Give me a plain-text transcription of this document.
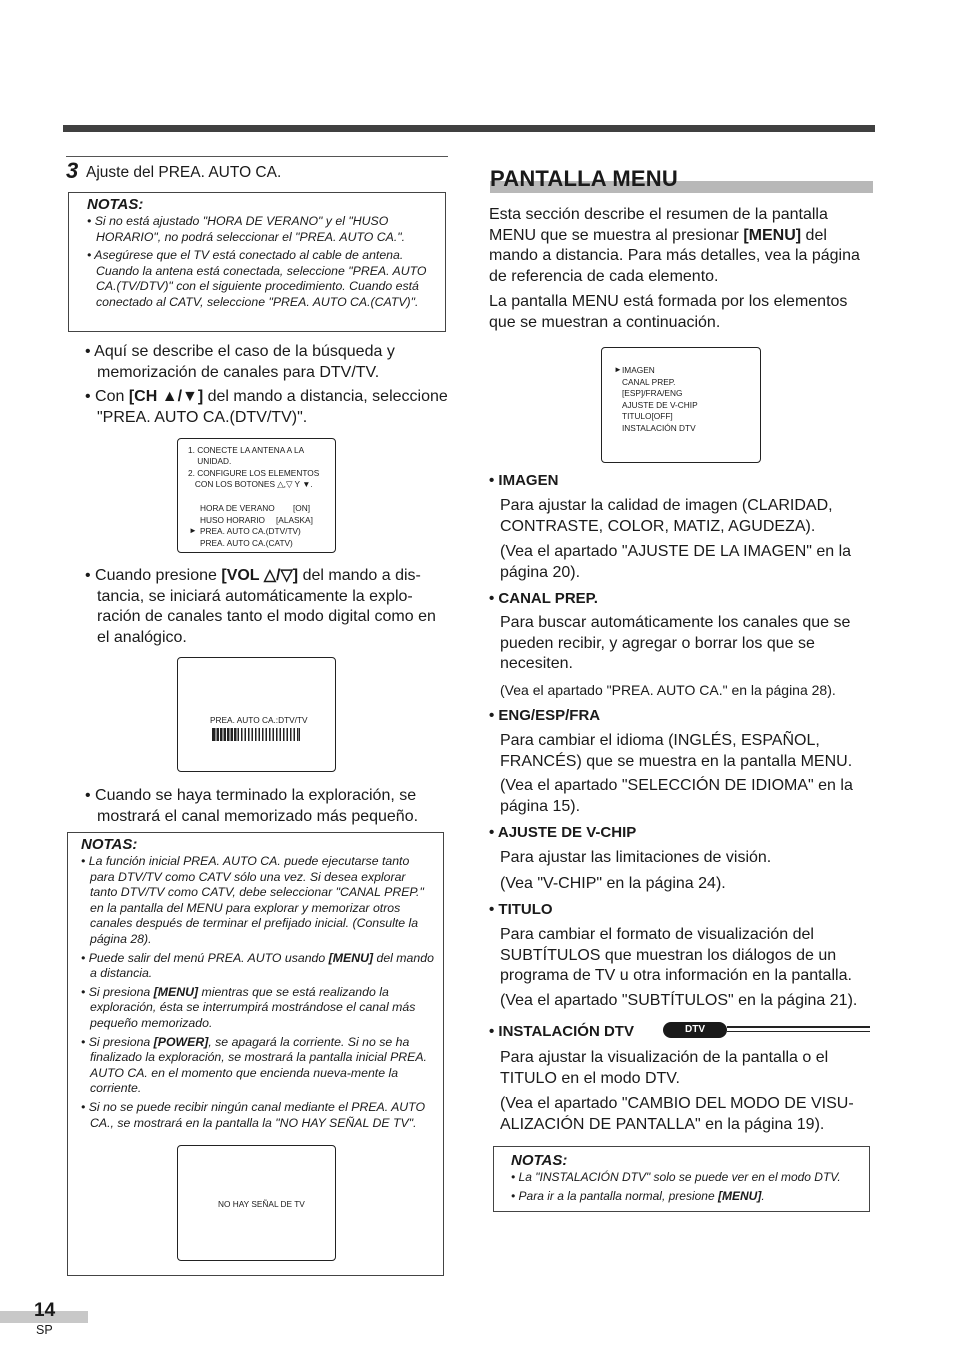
3 Ajuste del PREA. AUTO CA.
NOTAS:
• Si no está ajustado "HORA DE VERANO" y el "HUSO HORARIO", no podrá seleccionar el "PREA. AUTO CA.".
• Asegúrese que el TV está conectado al cable de antena. Cuando la antena está conectada, seleccione "PREA. AUTO CA.(TV/DTV)" con el siguiente procedimiento. Cuando está conectado al CATV, seleccione "PREA. AUTO CA.(CATV)".
• Aquí se describe el caso de la búsqueda y memorización de canales para DTV/TV.
• Con [CH ▲/▼] del mando a distancia, seleccione "PREA. AUTO CA.(DTV/TV)".
1. CONECTE LA ANTENA A LA
UNIDAD.
2. CONFIGURE LOS ELEMENTOS
CON LOS BOTONES △,▽ Y ▼.
HORA DE VERANO [ON]
HUSO HORARIO [ALASKA]
► PREA. AUTO CA.(DTV/TV)
PREA. AUTO CA.(CATV)
• Cuando presione [VOL △/▽] del mando a dis-tancia, se iniciará automáticamente la explo-ración de canales tanto el modo digital como en el analógico.
PREA. AUTO CA.:DTV/TV
• Cuando se haya terminado la exploración, se mostrará el canal memorizado más pequeño.
NOTAS:
• La función inicial PREA. AUTO CA. puede ejecutarse tanto para DTV/TV como CATV sólo una vez. Si desea explorar tanto DTV/TV como CATV, debe seleccionar "CANAL PREP." en la pantalla del MENU para explorar y memorizar otros canales después de terminar el prefijado inicial. (Consulte la página 28).
• Puede salir del menú PREA. AUTO usando [MENU] del mando a distancia.
• Si presiona [MENU] mientras que se está realizando la exploración, ésta se interrumpirá mostrándose el canal más pequeño memorizado.
• Si presiona [POWER], se apagará la corriente. Si no se ha finalizado la exploración, se mostrará la pantalla inicial PREA. AUTO CA. en el momento que encienda nueva-mente la corriente.
• Si no se puede recibir ningún canal mediante el PREA. AUTO CA., se mostrará en la pantalla la "NO HAY SEÑAL DE TV".
NO HAY SEÑAL DE TV
PANTALLA MENU
Esta sección describe el resumen de la pantalla MENU que se muestra al presionar [MENU] del mando a distancia. Para más detalles, vea la página de referencia de cada elemento.
La pantalla MENU está formada por los elementos que se muestran a continuación.
► IMAGEN
CANAL PREP.
[ESP]/FRA/ENG
AJUSTE DE V-CHIP
TITULO[OFF]
INSTALACIÓN DTV
• IMAGEN
Para ajustar la calidad de imagen (CLARIDAD, CONTRASTE, COLOR, MATIZ, AGUDEZA).
(Vea el apartado "AJUSTE DE LA IMAGEN" en la página 20).
• CANAL PREP.
Para buscar automáticamente los canales que se pueden recibir, y agregar o borrar los que se necesiten.
(Vea el apartado "PREA. AUTO CA." en la página 28).
• ENG/ESP/FRA
Para cambiar el idioma (INGLÉS, ESPAÑOL, FRANCÉS) que se muestra en la pantalla MENU.
(Vea el apartado "SELECCIÓN DE IDIOMA" en la página 15).
• AJUSTE DE V-CHIP
Para ajustar las limitaciones de visión.
(Vea "V-CHIP" en la página 24).
• TITULO
Para cambiar el formato de visualización del SUBTÍTULOS que muestran los diálogos de un programa de TV u otra información en la pantalla.
(Vea el apartado "SUBTÍTULOS" en la página 21).
• INSTALACIÓN DTV	DTV
Para ajustar la visualización de la pantalla o el TITULO en el modo DTV.
(Vea el apartado "CAMBIO DEL MODO DE VISU-ALIZACIÓN DE PANTALLA" en la página 19).
NOTAS:
• La "INSTALACIÓN DTV" solo se puede ver en el modo DTV.
• Para ir a la pantalla normal, presione [MENU].
14
SP
